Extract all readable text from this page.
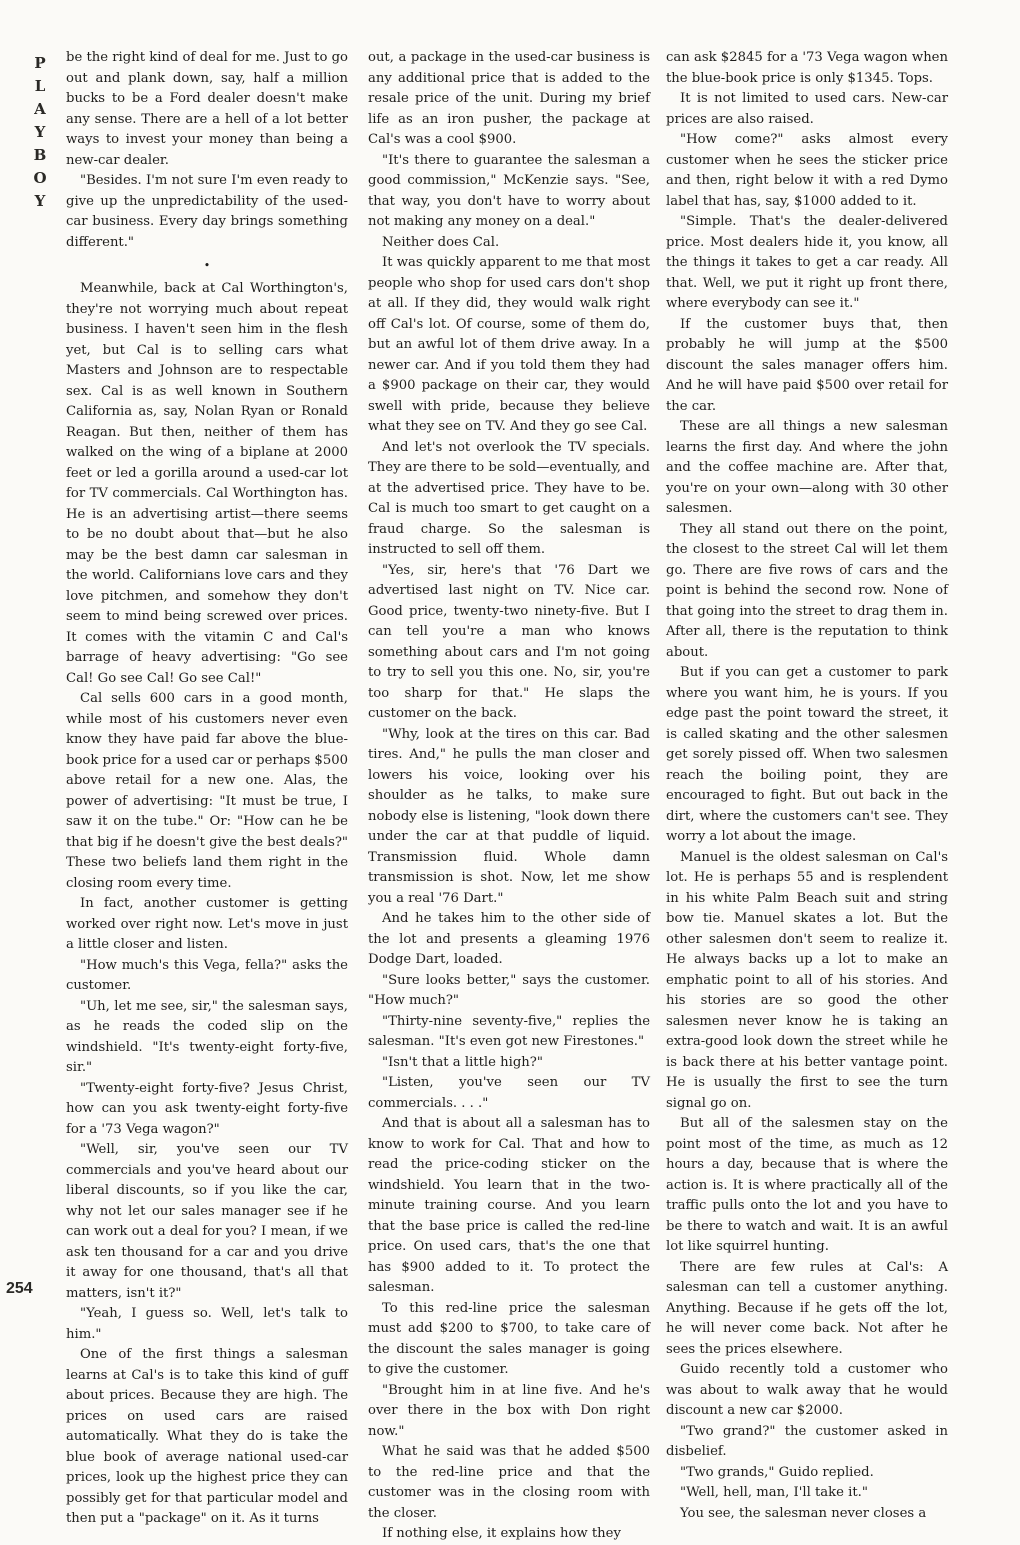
P
L
A
Y
B
O
Y
254

be the right kind of deal for me. Just to go out and plank down, say, half a million bucks to be a Ford dealer doesn't make any sense. There are a hell of a lot better ways to invest your money than being a new-car dealer.

"Besides. I'm not sure I'm even ready to give up the unpredictability of the used-car business. Every day brings something different."

•

Meanwhile, back at Cal Worthington's, they're not worrying much about repeat business. I haven't seen him in the flesh yet, but Cal is to selling cars what Masters and Johnson are to respectable sex. Cal is as well known in Southern California as, say, Nolan Ryan or Ronald Reagan. But then, neither of them has walked on the wing of a biplane at 2000 feet or led a gorilla around a used-car lot for TV commercials. Cal Worthington has. He is an advertising artist—there seems to be no doubt about that—but he also may be the best damn car salesman in the world. Californians love cars and they love pitchmen, and somehow they don't seem to mind being screwed over prices. It comes with the vitamin C and Cal's barrage of heavy advertising: "Go see Cal! Go see Cal! Go see Cal!"

Cal sells 600 cars in a good month, while most of his customers never even know they have paid far above the blue-book price for a used car or perhaps $500 above retail for a new one. Alas, the power of advertising: "It must be true, I saw it on the tube." Or: "How can he be that big if he doesn't give the best deals?" These two beliefs land them right in the closing room every time.

In fact, another customer is getting worked over right now. Let's move in just a little closer and listen.

"How much's this Vega, fella?" asks the customer.

"Uh, let me see, sir," the salesman says, as he reads the coded slip on the windshield. "It's twenty-eight forty-five, sir."

"Twenty-eight forty-five? Jesus Christ, how can you ask twenty-eight forty-five for a '73 Vega wagon?"

"Well, sir, you've seen our TV commercials and you've heard about our liberal discounts, so if you like the car, why not let our sales manager see if he can work out a deal for you? I mean, if we ask ten thousand for a car and you drive it away for one thousand, that's all that matters, isn't it?"

"Yeah, I guess so. Well, let's talk to him."

One of the first things a salesman learns at Cal's is to take this kind of guff about prices. Because they are high. The prices on used cars are raised automatically. What they do is take the blue book of average national used-car prices, look up the highest price they can possibly get for that particular model and then put a "package" on it. As it turns

out, a package in the used-car business is any additional price that is added to the resale price of the unit. During my brief life as an iron pusher, the package at Cal's was a cool $900.

"It's there to guarantee the salesman a good commission," McKenzie says. "See, that way, you don't have to worry about not making any money on a deal."

Neither does Cal.

It was quickly apparent to me that most people who shop for used cars don't shop at all. If they did, they would walk right off Cal's lot. Of course, some of them do, but an awful lot of them drive away. In a newer car. And if you told them they had a $900 package on their car, they would swell with pride, because they believe what they see on TV. And they go see Cal.

And let's not overlook the TV specials. They are there to be sold—eventually, and at the advertised price. They have to be. Cal is much too smart to get caught on a fraud charge. So the salesman is instructed to sell off them.

"Yes, sir, here's that '76 Dart we advertised last night on TV. Nice car. Good price, twenty-two ninety-five. But I can tell you're a man who knows something about cars and I'm not going to try to sell you this one. No, sir, you're too sharp for that." He slaps the customer on the back.

"Why, look at the tires on this car. Bad tires. And," he pulls the man closer and lowers his voice, looking over his shoulder as he talks, to make sure nobody else is listening, "look down there under the car at that puddle of liquid. Transmission fluid. Whole damn transmission is shot. Now, let me show you a real '76 Dart."

And he takes him to the other side of the lot and presents a gleaming 1976 Dodge Dart, loaded.

"Sure looks better," says the customer. "How much?"

"Thirty-nine seventy-five," replies the salesman. "It's even got new Firestones."

"Isn't that a little high?"

"Listen, you've seen our TV commercials. . . ."

And that is about all a salesman has to know to work for Cal. That and how to read the price-coding sticker on the windshield. You learn that in the two-minute training course. And you learn that the base price is called the red-line price. On used cars, that's the one that has $900 added to it. To protect the salesman.

To this red-line price the salesman must add $200 to $700, to take care of the discount the sales manager is going to give the customer.

"Brought him in at line five. And he's over there in the box with Don right now."

What he said was that he added $500 to the red-line price and that the customer was in the closing room with the closer.

If nothing else, it explains how they

can ask $2845 for a '73 Vega wagon when the blue-book price is only $1345. Tops.

It is not limited to used cars. New-car prices are also raised.

"How come?" asks almost every customer when he sees the sticker price and then, right below it with a red Dymo label that has, say, $1000 added to it.

"Simple. That's the dealer-delivered price. Most dealers hide it, you know, all the things it takes to get a car ready. All that. Well, we put it right up front there, where everybody can see it."

If the customer buys that, then probably he will jump at the $500 discount the sales manager offers him. And he will have paid $500 over retail for the car.

These are all things a new salesman learns the first day. And where the john and the coffee machine are. After that, you're on your own—along with 30 other salesmen.

They all stand out there on the point, the closest to the street Cal will let them go. There are five rows of cars and the point is behind the second row. None of that going into the street to drag them in. After all, there is the reputation to think about.

But if you can get a customer to park where you want him, he is yours. If you edge past the point toward the street, it is called skating and the other salesmen get sorely pissed off. When two salesmen reach the boiling point, they are encouraged to fight. But out back in the dirt, where the customers can't see. They worry a lot about the image.

Manuel is the oldest salesman on Cal's lot. He is perhaps 55 and is resplendent in his white Palm Beach suit and string bow tie. Manuel skates a lot. But the other salesmen don't seem to realize it. He always backs up a lot to make an emphatic point to all of his stories. And his stories are so good the other salesmen never know he is taking an extra-good look down the street while he is back there at his better vantage point. He is usually the first to see the turn signal go on.

But all of the salesmen stay on the point most of the time, as much as 12 hours a day, because that is where the action is. It is where practically all of the traffic pulls onto the lot and you have to be there to watch and wait. It is an awful lot like squirrel hunting.

There are few rules at Cal's: A salesman can tell a customer anything. Anything. Because if he gets off the lot, he will never come back. Not after he sees the prices elsewhere.

Guido recently told a customer who was about to walk away that he would discount a new car $2000.

"Two grand?" the customer asked in disbelief.

"Two grands," Guido replied.

"Well, hell, man, I'll take it."

You see, the salesman never closes a
